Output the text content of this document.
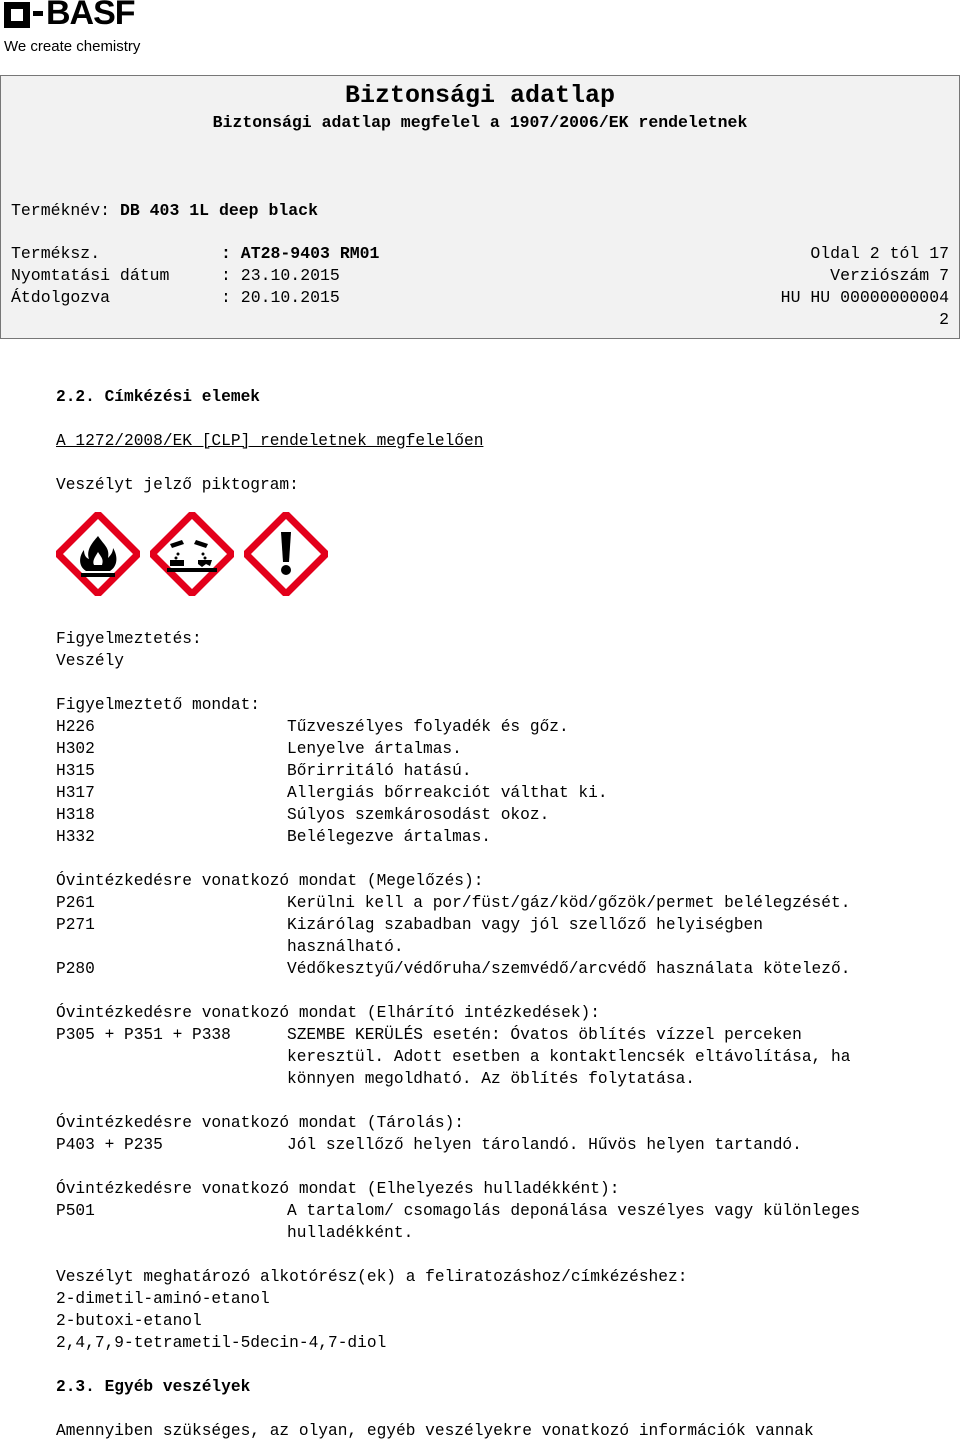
BASF
We create chemistry
Biztonsági adatlap
Biztonsági adatlap megfelel a 1907/2006/EK rendeletnek
Terméknév: DB 403 1L deep black
Terméksz.	: AT28-9403 RM01	Oldal 2 tól 17
Nyomtatási dátum	: 23.10.2015	Verziószám 7
Átdolgozva	: 20.10.2015	HU HU 00000000004
2
2.2. Címkézési elemek
A 1272/2008/EK [CLP] rendeletnek megfelelően
Veszélyt jelző piktogram:
Figyelmeztetés:
Veszély
Figyelmeztető mondat:
H226	Tűzveszélyes folyadék és gőz.
H302	Lenyelve ártalmas.
H315	Bőrirritáló hatású.
H317	Allergiás bőrreakciót válthat ki.
H318	Súlyos szemkárosodást okoz.
H332	Belélegezve ártalmas.
Óvintézkedésre vonatkozó mondat (Megelőzés):
P261	Kerülni kell a por/füst/gáz/köd/gőzök/permet belélegzését.
P271	Kizárólag szabadban vagy jól szellőző helyiségben
használható.
P280	Védőkesztyű/védőruha/szemvédő/arcvédő használata kötelező.
Óvintézkedésre vonatkozó mondat (Elhárító intézkedések):
P305 + P351 + P338	SZEMBE KERÜLÉS esetén: Óvatos öblítés vízzel perceken
keresztül. Adott esetben a kontaktlencsék eltávolítása, ha
könnyen megoldható. Az öblítés folytatása.
Óvintézkedésre vonatkozó mondat (Tárolás):
P403 + P235	Jól szellőző helyen tárolandó. Hűvös helyen tartandó.
Óvintézkedésre vonatkozó mondat (Elhelyezés hulladékként):
P501	A tartalom/ csomagolás deponálása veszélyes vagy különleges
hulladékként.
Veszélyt meghatározó alkotórész(ek) a feliratozáshoz/címkézéshez:
2-dimetil-aminó-etanol
2-butoxi-etanol
2,4,7,9-tetrametil-5decin-4,7-diol
2.3. Egyéb veszélyek
Amennyiben szükséges, az olyan, egyéb veszélyekre vonatkozó információk vannak
